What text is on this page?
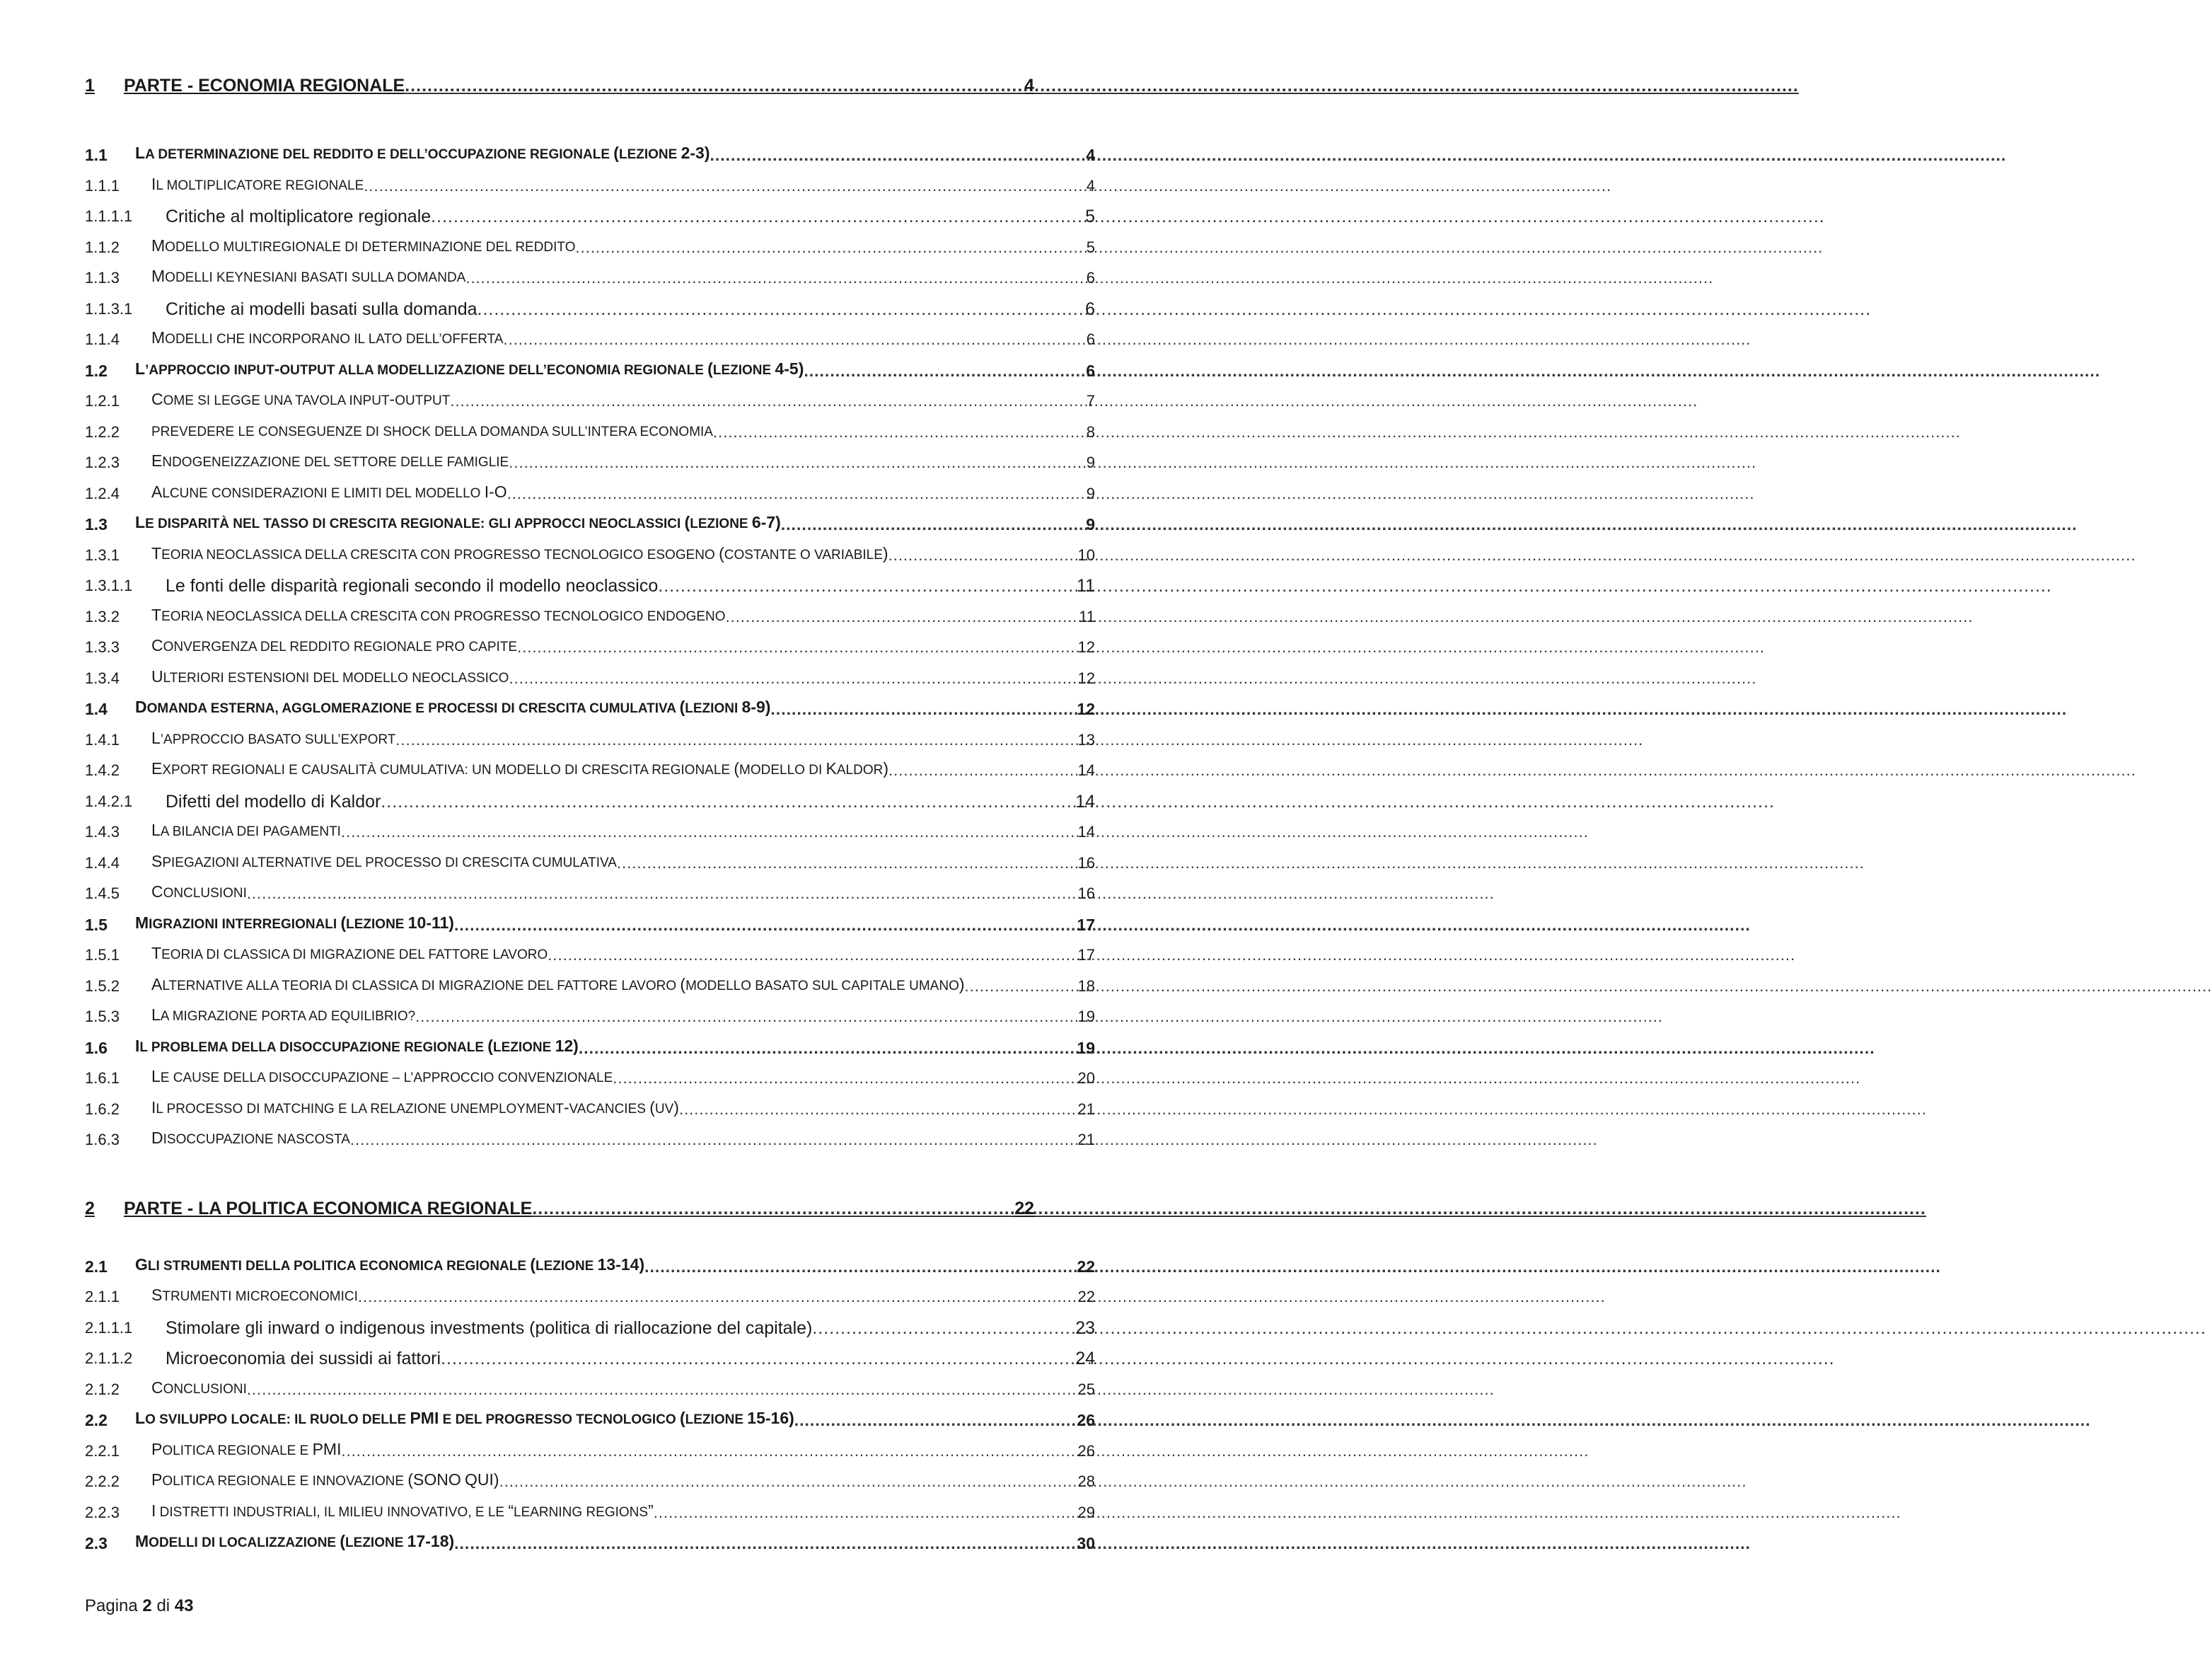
1	PARTE - ECONOMIA REGIONALE .....	4
1.1	LA DETERMINAZIONE DEL REDDITO E DELL’OCCUPAZIONE REGIONALE (LEZIONE 2-3) .....	4
1.1.1	IL MOLTIPLICATORE REGIONALE .....	4
1.1.1.1	Critiche al moltiplicatore regionale .....	5
1.1.2	MODELLO MULTIREGIONALE DI DETERMINAZIONE DEL REDDITO .....	5
1.1.3	MODELLI KEYNESIANI BASATI SULLA DOMANDA .....	6
1.1.3.1	Critiche ai modelli basati sulla domanda .....	6
1.1.4	MODELLI CHE INCORPORANO IL LATO DELL’OFFERTA .....	6
1.2	L’APPROCCIO INPUT-OUTPUT ALLA MODELLIZZAZIONE DELL’ECONOMIA REGIONALE (LEZIONE 4-5) .....	6
1.2.1	COME SI LEGGE UNA TAVOLA INPUT-OUTPUT .....	7
1.2.2	PREVEDERE LE CONSEGUENZE DI SHOCK DELLA DOMANDA SULL’INTERA ECONOMIA .....	8
1.2.3	ENDOGENEIZZAZIONE DEL SETTORE DELLE FAMIGLIE .....	9
1.2.4	ALCUNE CONSIDERAZIONI E LIMITI DEL MODELLO I-O .....	9
1.3	LE DISPARITÀ NEL TASSO DI CRESCITA REGIONALE: GLI APPROCCI NEOCLASSICI (LEZIONE 6-7) .....	9
1.3.1	TEORIA NEOCLASSICA DELLA CRESCITA CON PROGRESSO TECNOLOGICO ESOGENO (COSTANTE O VARIABILE) .....	10
1.3.1.1	Le fonti delle disparità regionali secondo il modello neoclassico .....	11
1.3.2	TEORIA NEOCLASSICA DELLA CRESCITA CON PROGRESSO TECNOLOGICO ENDOGENO .....	11
1.3.3	CONVERGENZA DEL REDDITO REGIONALE PRO CAPITE .....	12
1.3.4	ULTERIORI ESTENSIONI DEL MODELLO NEOCLASSICO .....	12
1.4	DOMANDA ESTERNA, AGGLOMERAZIONE E PROCESSI DI CRESCITA CUMULATIVA (LEZIONI 8-9) .....	12
1.4.1	L’APPROCCIO BASATO SULL’EXPORT .....	13
1.4.2	EXPORT REGIONALI E CAUSALITÀ CUMULATIVA: UN MODELLO DI CRESCITA REGIONALE (MODELLO DI KALDOR) .....	14
1.4.2.1	Difetti del modello di Kaldor .....	14
1.4.3	LA BILANCIA DEI PAGAMENTI .....	14
1.4.4	SPIEGAZIONI ALTERNATIVE DEL PROCESSO DI CRESCITA CUMULATIVA .....	16
1.4.5	CONCLUSIONI .....	16
1.5	MIGRAZIONI INTERREGIONALI (LEZIONE 10-11) .....	17
1.5.1	TEORIA DI CLASSICA DI MIGRAZIONE DEL FATTORE LAVORO .....	17
1.5.2	ALTERNATIVE ALLA TEORIA DI CLASSICA DI MIGRAZIONE DEL FATTORE LAVORO (MODELLO BASATO SUL CAPITALE UMANO) .....	18
1.5.3	LA MIGRAZIONE PORTA AD EQUILIBRIO? .....	19
1.6	IL PROBLEMA DELLA DISOCCUPAZIONE REGIONALE (LEZIONE 12) .....	19
1.6.1	LE CAUSE DELLA DISOCCUPAZIONE – L’APPROCCIO CONVENZIONALE .....	20
1.6.2	IL PROCESSO DI MATCHING E LA RELAZIONE UNEMPLOYMENT-VACANCIES (UV) .....	21
1.6.3	DISOCCUPAZIONE NASCOSTA .....	21
2	PARTE - LA POLITICA ECONOMICA REGIONALE .....	22
2.1	GLI STRUMENTI DELLA POLITICA ECONOMICA REGIONALE (LEZIONE 13-14) .....	22
2.1.1	STRUMENTI MICROECONOMICI .....	22
2.1.1.1	Stimolare gli inward o indigenous investments (politica di riallocazione del capitale) .....	23
2.1.1.2	Microeconomia dei sussidi ai fattori .....	24
2.1.2	CONCLUSIONI .....	25
2.2	LO SVILUPPO LOCALE: IL RUOLO DELLE PMI E DEL PROGRESSO TECNOLOGICO (LEZIONE 15-16) .....	26
2.2.1	POLITICA REGIONALE E PMI .....	26
2.2.2	POLITICA REGIONALE E INNOVAZIONE (SONO QUI) .....	28
2.2.3	I DISTRETTI INDUSTRIALI, IL MILIEU INNOVATIVO, E LE “LEARNING REGIONS” .....	29
2.3	MODELLI DI LOCALIZZAZIONE (LEZIONE 17-18) .....	30
Pagina 2 di 43
